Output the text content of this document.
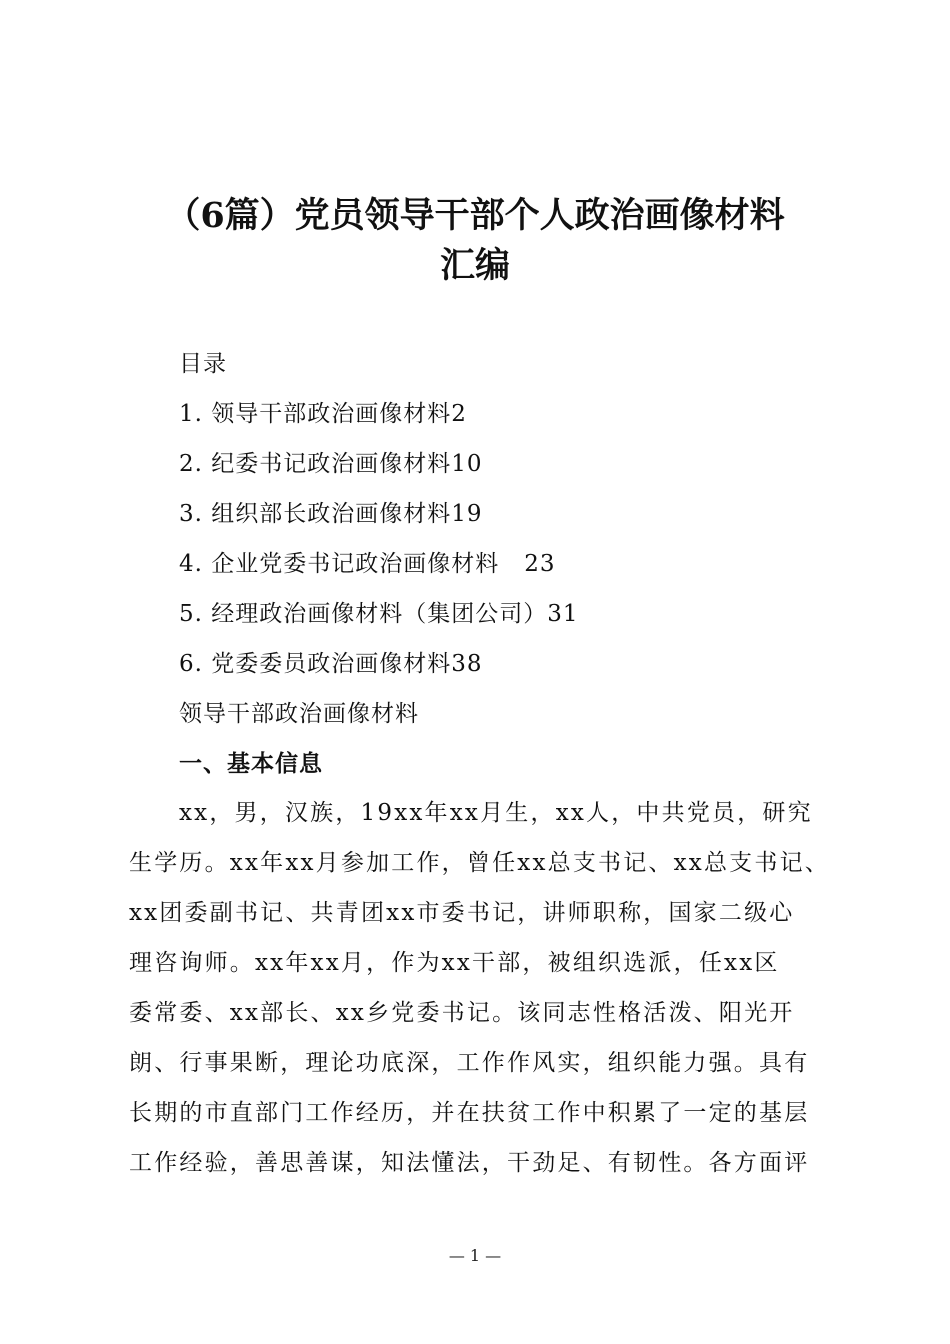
（6篇）党员领导干部个人政治画像材料
汇编
目录
1. 领导干部政治画像材料2
2. 纪委书记政治画像材料10
3. 组织部长政治画像材料19
4. 企业党委书记政治画像材料   23
5. 经理政治画像材料（集团公司）31
6. 党委委员政治画像材料38
领导干部政治画像材料
一、基本信息
xx，男，汉族，19xx年xx月生，xx人，中共党员，研究
生学历。xx年xx月参加工作，曾任xx总支书记、xx总支书记、
xx团委副书记、共青团xx市委书记，讲师职称，国家二级心
理咨询师。xx年xx月，作为xx干部，被组织选派，任xx区
委常委、xx部长、xx乡党委书记。该同志性格活泼、阳光开
朗、行事果断，理论功底深，工作作风实，组织能力强。具有
长期的市直部门工作经历，并在扶贫工作中积累了一定的基层
工作经验，善思善谋，知法懂法，干劲足、有韧性。各方面评
— 1 —
